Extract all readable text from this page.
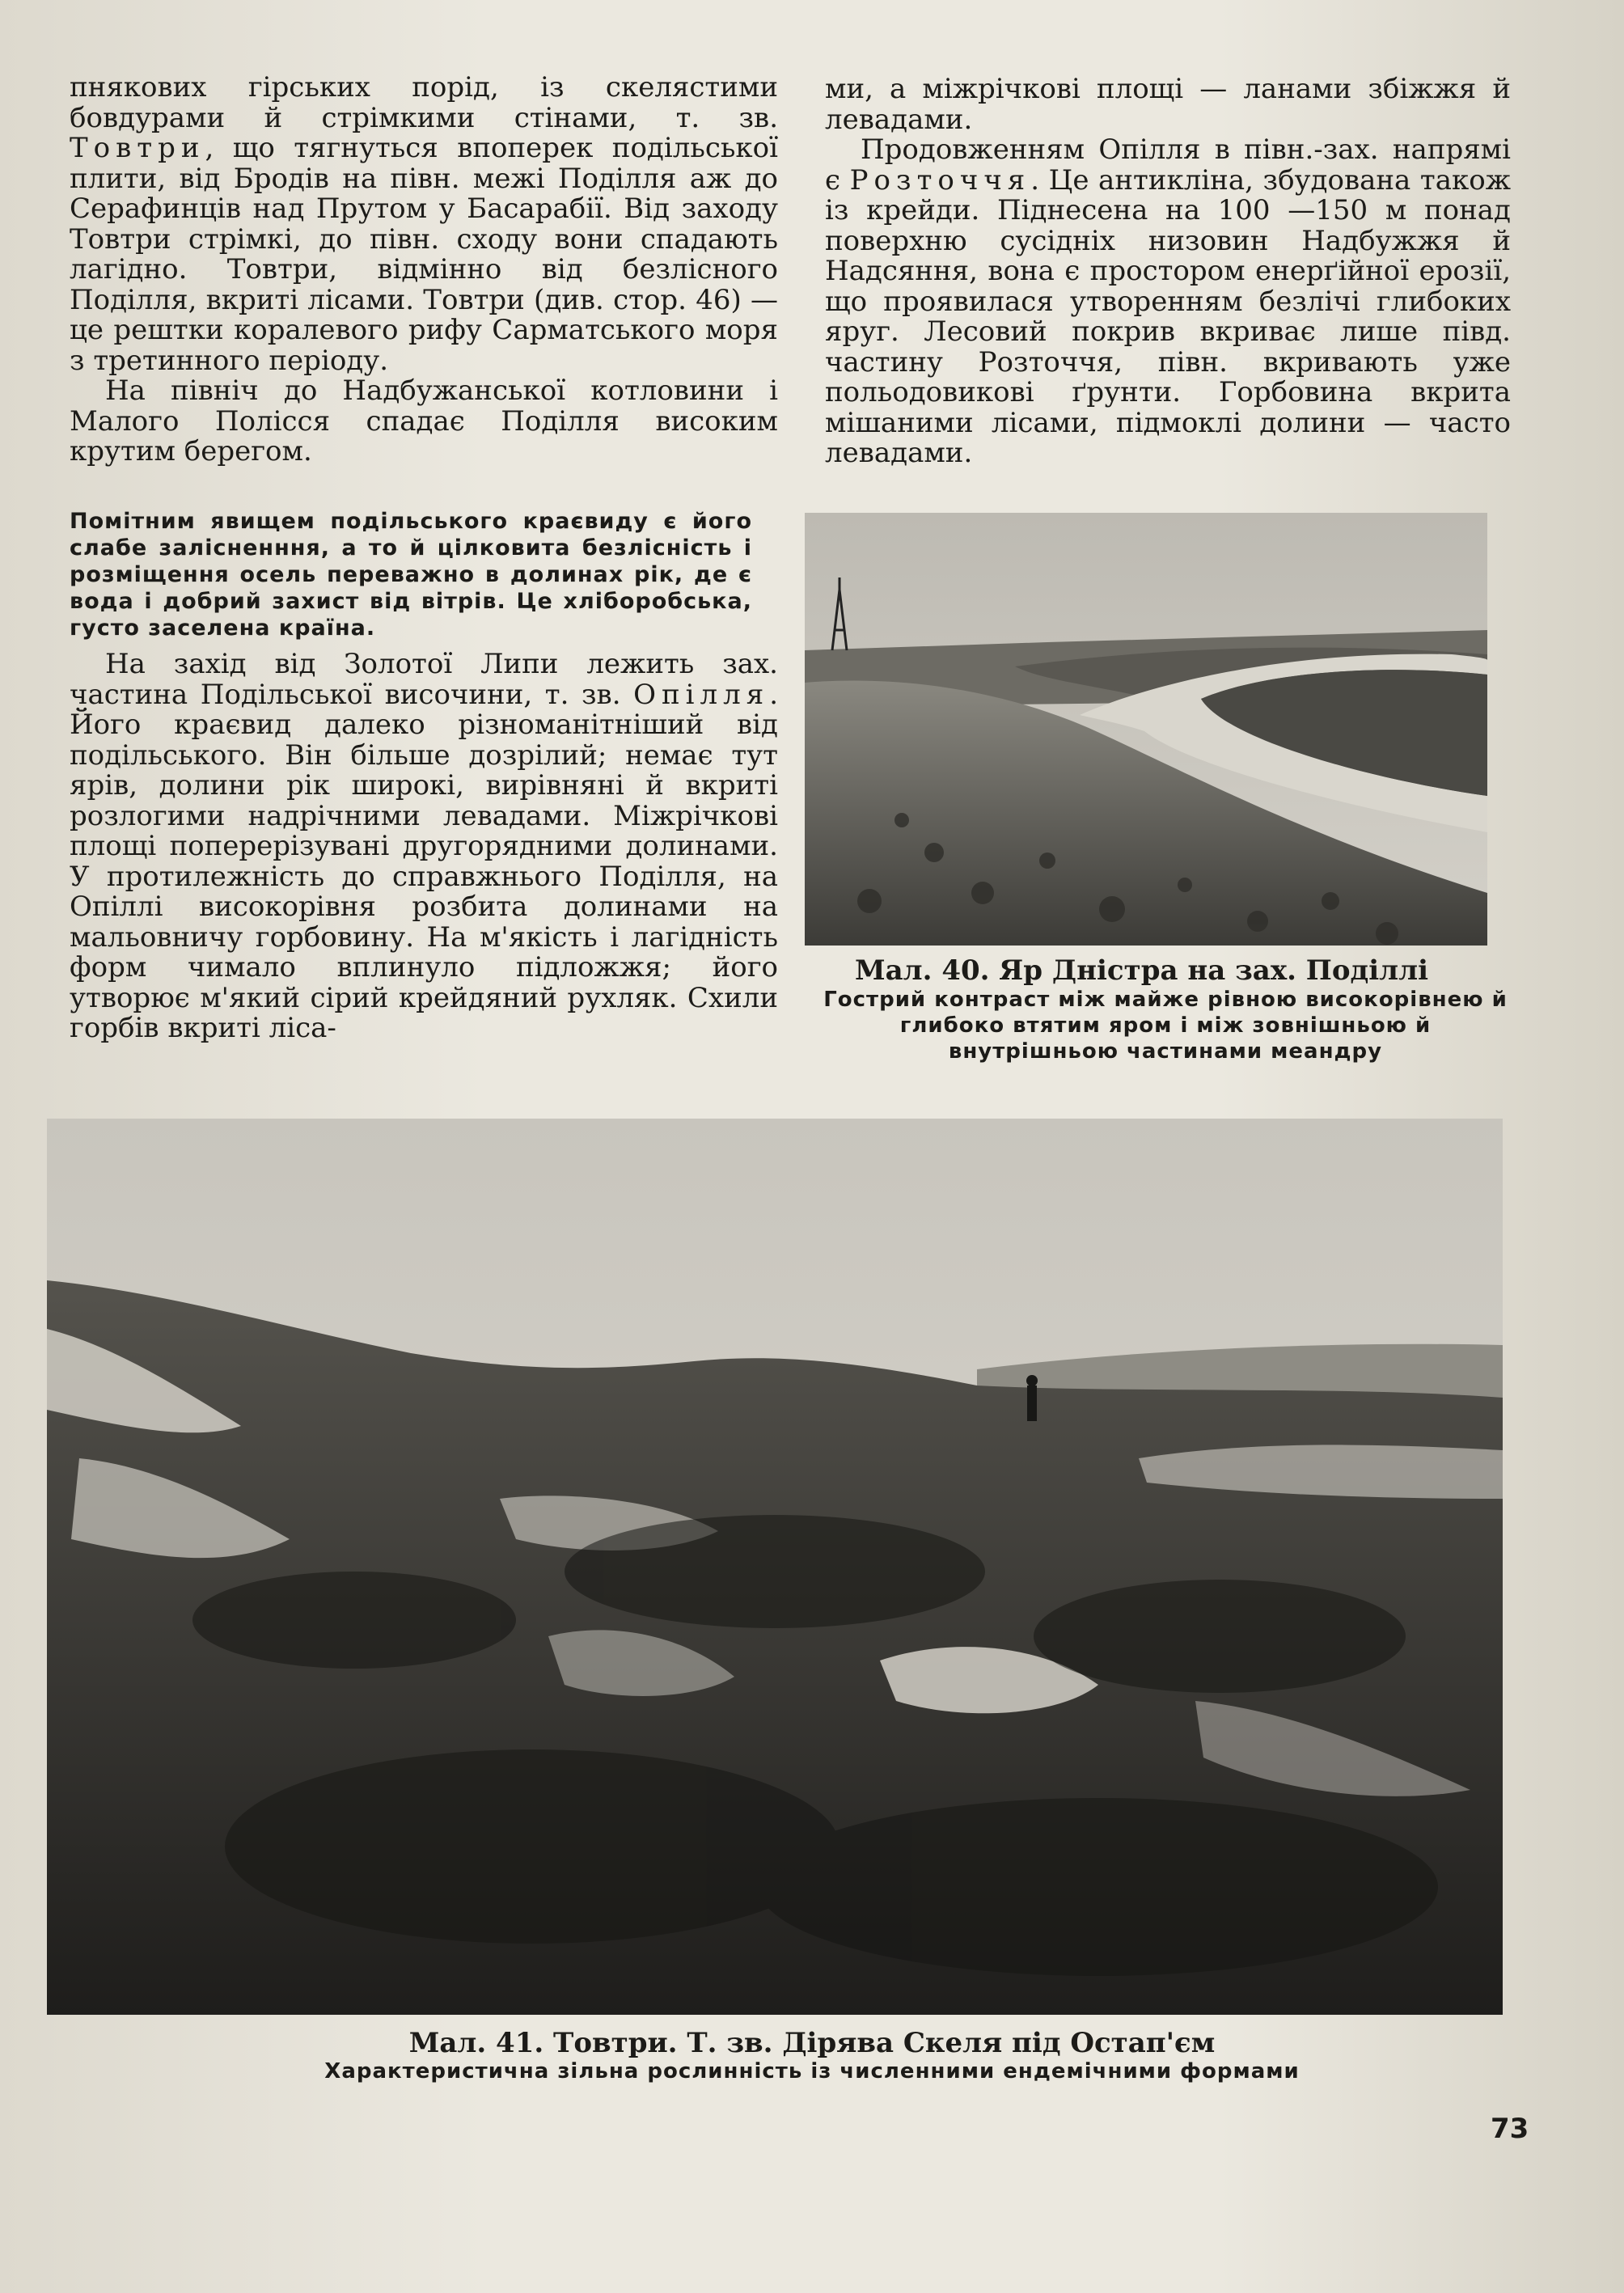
пнякових гірських порід, із скелястими бовдурами й стрімкими стінами, т. зв. Товтри, що тягнуться впоперек подільської плити, від Бродів на півн. межі Поділля аж до Серафинців над Прутом у Басарабії. Від заходу Товтри стрімкі, до півн. сходу вони спадають лагідно. Товтри, відмінно від безлісного Поділля, вкриті лісами. Товтри (див. стор. 46) — це рештки коралевого рифу Сарматського моря з третинного періоду.

На північ до Надбужанської котловини і Малого Полісся спадає Поділля високим крутим берегом.

Помітним явищем подільського краєвиду є його слабе залісненння, а то й цілковита безлісність і розміщення осель переважно в долинах рік, де є вода і добрий захист від вітрів. Це хліборобська, густо заселена країна.

На захід від Золотої Липи лежить зах. частина Подільської височини, т. зв. Опілля. Його краєвид далеко різноманітніший від подільського. Він більше дозрілий; немає тут ярів, долини рік широкі, вирівняні й вкриті розлогими надрічними левадами. Міжрічкові площі поперерізувані другорядними долинами. У протилежність до справжнього Поділля, на Опіллі високорівня розбита долинами на мальовничу горбовину. На м'якість і лагідність форм чимало вплинуло підложжя; його утворює м'який сірий крейдяний рухляк. Схили горбів вкриті ліса-

ми, а міжрічкові площі — ланами збіжжя й левадами.

Продовженням Опілля в півн.-зах. напрямі є Розточчя. Це антикліна, збудована також із крейди. Піднесена на 100 —150 м понад поверхню сусідніх низовин Надбужжя й Надсяння, вона є простором енерґійної ерозії, що проявилася утворенням безлічі глибоких яруг. Лесовий покрив вкриває лише півд. частину Розточчя, півн. вкривають уже польодовикові ґрунти. Горбовина вкрита мішаними лісами, підмоклі долини — часто левадами.

Мал. 40. Яр Дністра на зах. Поділлі
Гострий контраст між майже рівною високорівнею й глибоко втятим яром і між зовнішньою й внутрішньою частинами меандру
Мал. 41. Товтри. Т. зв. Дірява Скеля під Остап'єм
Характеристична зільна рослинність із численними ендемічними формами
73
